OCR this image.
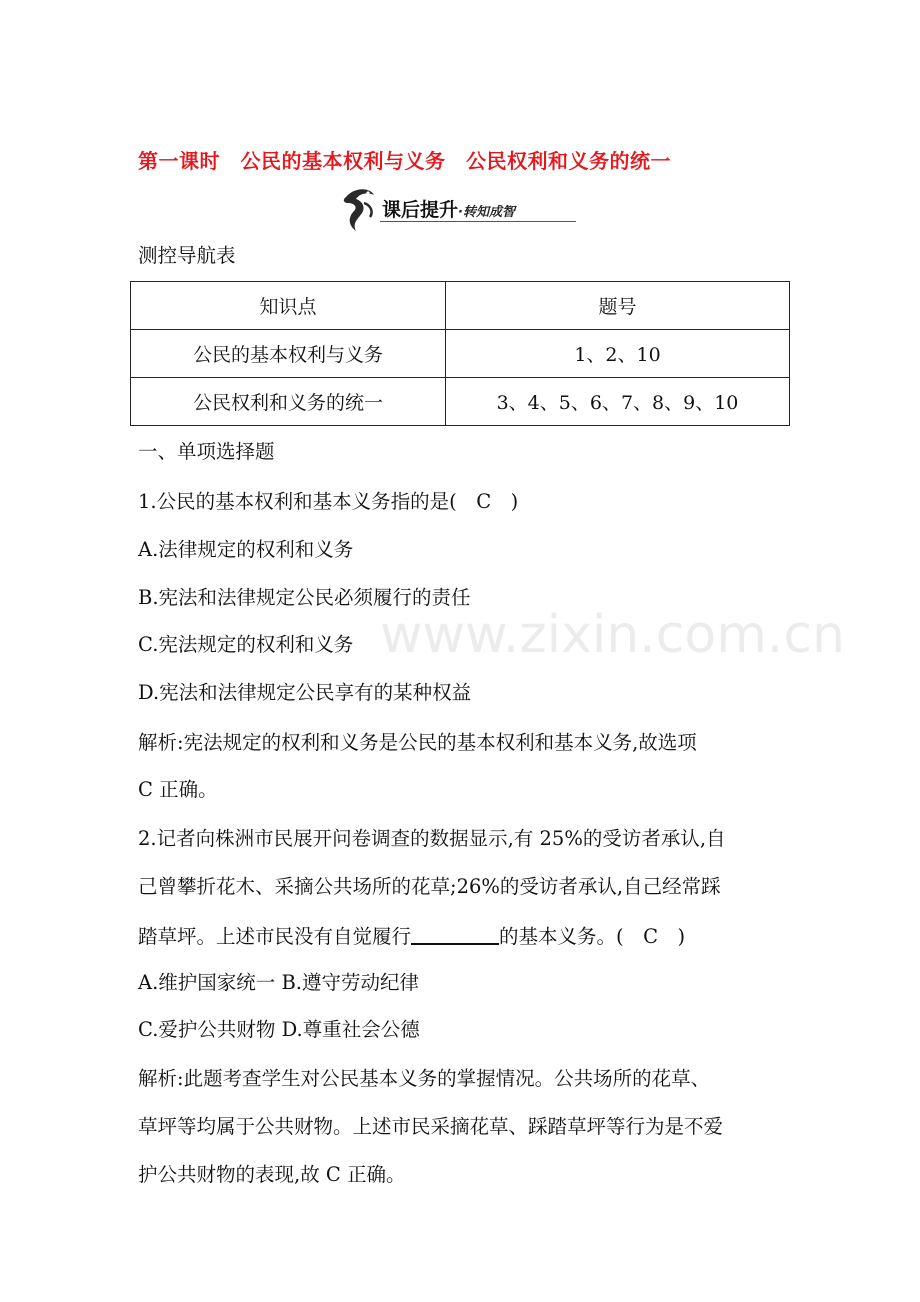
第一课时　公民的基本权利与义务　公民权利和义务的统一
课后提升·转知成智
测控导航表
知识点	题号
公民的基本权利与义务	1、2、10
公民权利和义务的统一	3、4、5、6、7、8、9、10
一、单项选择题
1.公民的基本权利和基本义务指的是(　C　)
A.法律规定的权利和义务
B.宪法和法律规定公民必须履行的责任
C.宪法规定的权利和义务
D.宪法和法律规定公民享有的某种权益
解析:宪法规定的权利和义务是公民的基本权利和基本义务,故选项
C 正确。
2.记者向株洲市民展开问卷调查的数据显示,有 25%的受访者承认,自
己曾攀折花木、采摘公共场所的花草;26%的受访者承认,自己经常踩
踏草坪。上述市民没有自觉履行	的基本义务。(　C　)
A.维护国家统一 B.遵守劳动纪律
C.爱护公共财物 D.尊重社会公德
解析:此题考查学生对公民基本义务的掌握情况。公共场所的花草、
草坪等均属于公共财物。上述市民采摘花草、踩踏草坪等行为是不爱
护公共财物的表现,故 C 正确。
www.zixin.com.cn
